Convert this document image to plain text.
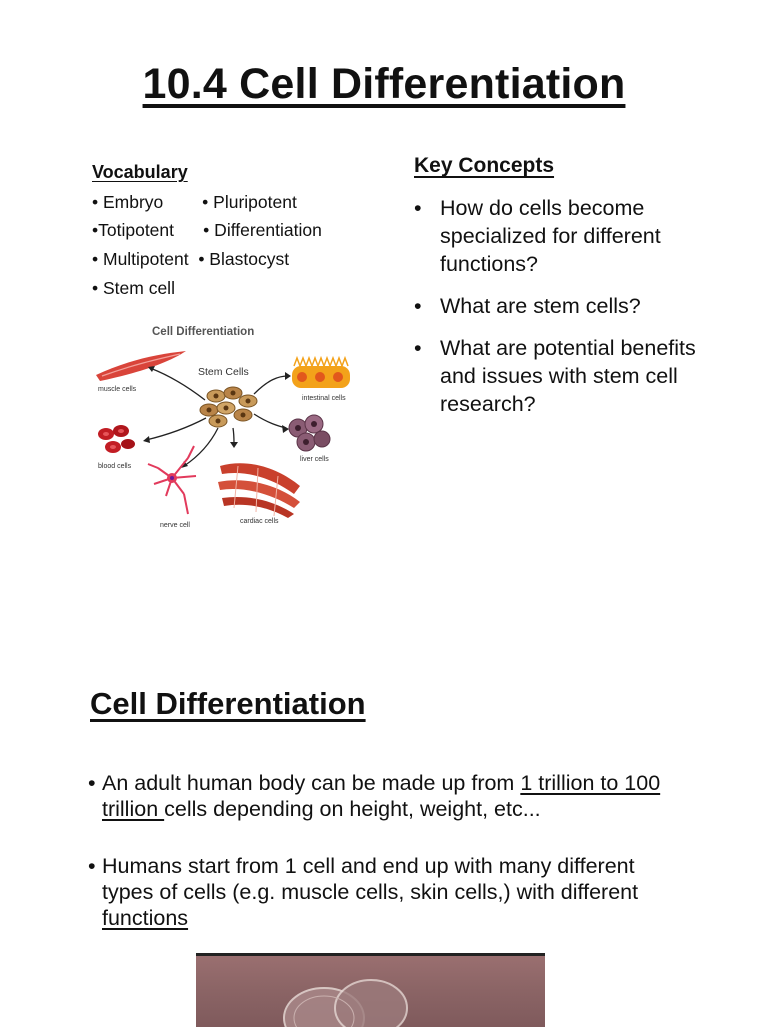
10.4 Cell Differentiation
Vocabulary
• Embryo        • Pluripotent
•Totipotent      • Differentiation
• Multipotent  • Blastocyst
• Stem cell
Cell Differentiation
muscle cells
Stem Cells
intestinal cells
blood cells
liver cells
nerve cell
cardiac cells
Key Concepts
• How do cells become specialized for different functions?
• What are stem cells?
• What are potential benefits and issues with stem cell research?
Cell Differentiation
• An adult human body can be made up from 1 trillion to 100 trillion cells depending on height, weight, etc...
• Humans start from 1 cell and end up with many different types of cells (e.g. muscle cells, skin cells,) with different functions
